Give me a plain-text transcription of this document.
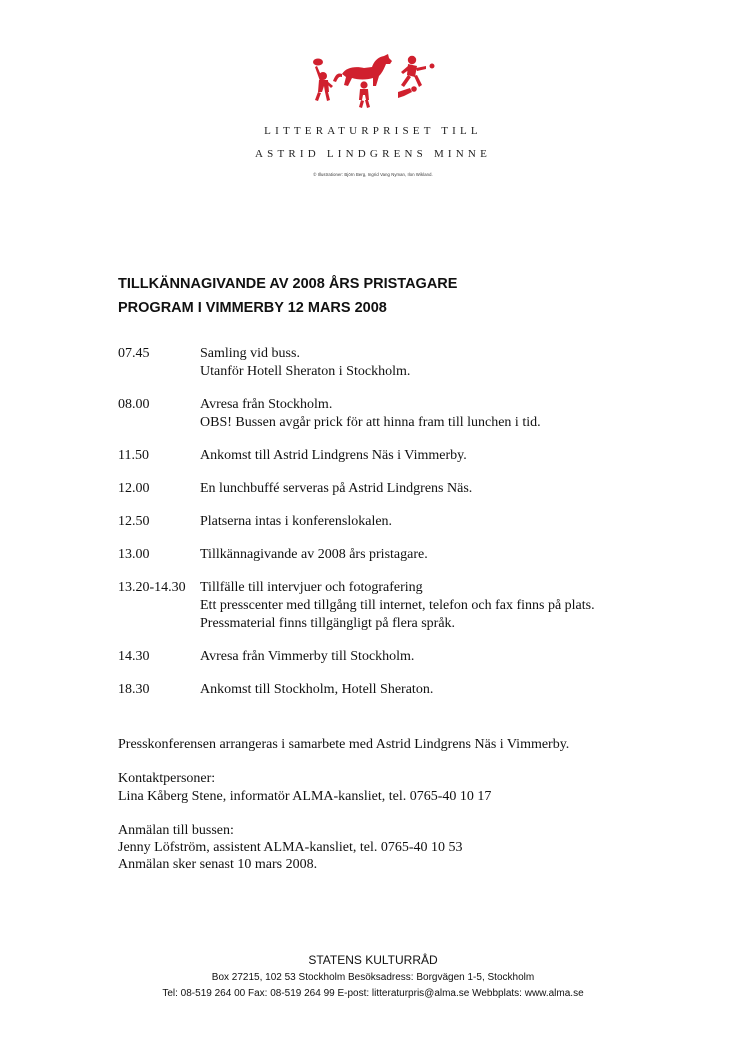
LITTERATURPRISET TILL
ASTRID LINDGRENS MINNE
© Illustrationer: Björn Berg, Ingrid Vang Nyman, Ilon Wikland.
TILLKÄNNAGIVANDE AV 2008 ÅRS PRISTAGARE
PROGRAM I VIMMERBY 12 MARS 2008
07.45	Samling vid buss.
Utanför Hotell Sheraton i Stockholm.
08.00	Avresa från Stockholm.
OBS! Bussen avgår prick för att hinna fram till lunchen i tid.
11.50	Ankomst till Astrid Lindgrens Näs i Vimmerby.
12.00	En lunchbuffé serveras på Astrid Lindgrens Näs.
12.50	Platserna intas i konferenslokalen.
13.00	Tillkännagivande av 2008 års pristagare.
13.20-14.30	Tillfälle till intervjuer och fotografering
Ett presscenter med tillgång till internet, telefon och fax finns på plats.
Pressmaterial finns tillgängligt på flera språk.
14.30	Avresa från Vimmerby till Stockholm.
18.30	Ankomst till Stockholm, Hotell Sheraton.
Presskonferensen arrangeras i samarbete med Astrid Lindgrens Näs i Vimmerby.
Kontaktpersoner:
Lina Kåberg Stene, informatör ALMA-kansliet, tel. 0765-40 10 17
Anmälan till bussen:
Jenny Löfström, assistent ALMA-kansliet, tel. 0765-40 10 53
Anmälan sker senast 10 mars 2008.
STATENS KULTURRÅD
Box 27215, 102 53 Stockholm Besöksadress: Borgvägen 1-5, Stockholm
Tel: 08-519 264 00 Fax: 08-519 264 99 E-post: litteraturpris@alma.se Webbplats: www.alma.se
